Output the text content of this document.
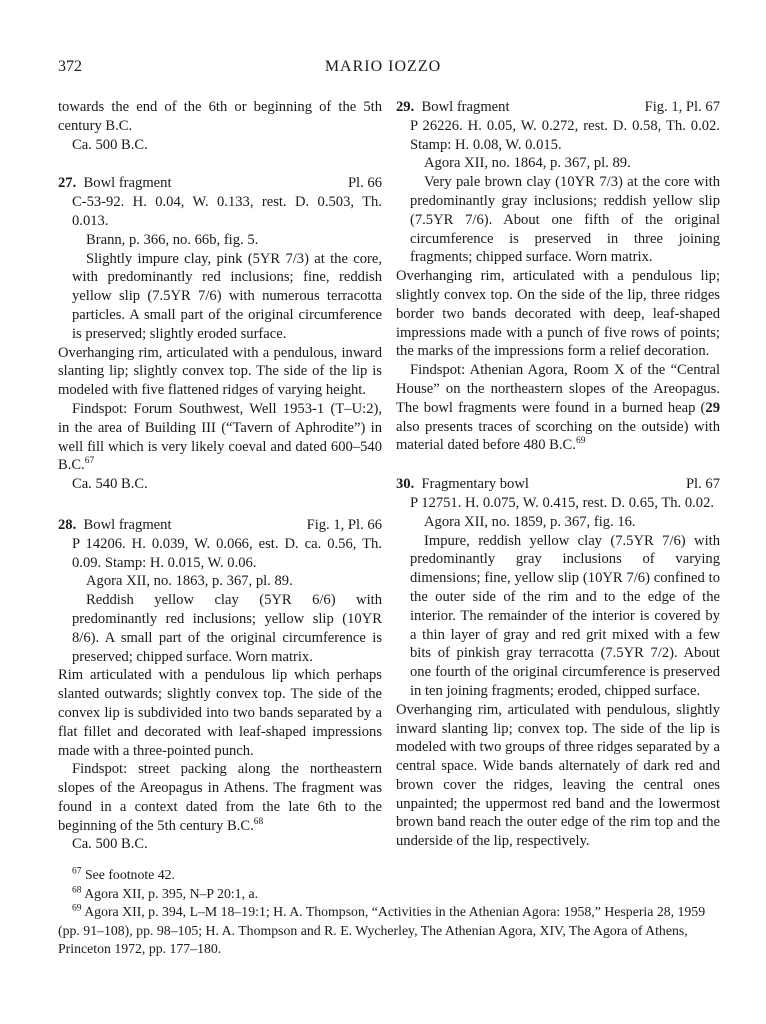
372	MARIO IOZZO

towards the end of the 6th or beginning of the 5th century B.C.

Ca. 500 B.C.

27. Bowl fragment	Pl. 66

C-53-92. H. 0.04, W. 0.133, rest. D. 0.503, Th. 0.013.

Brann, p. 366, no. 66b, fig. 5.

Slightly impure clay, pink (5YR 7/3) at the core, with predominantly red inclusions; fine, reddish yellow slip (7.5YR 7/6) with numerous terracotta particles. A small part of the original circumference is preserved; slightly eroded surface.

Overhanging rim, articulated with a pendulous, inward slanting lip; slightly convex top. The side of the lip is modeled with five flattened ridges of varying height.

Findspot: Forum Southwest, Well 1953-1 (T–U:2), in the area of Building III (“Tavern of Aphrodite”) in well fill which is very likely coeval and dated 600–540 B.C.$^{67}$

Ca. 540 B.C.

28. Bowl fragment	Fig. 1, Pl. 66

P 14206. H. 0.039, W. 0.066, est. D. ca. 0.56, Th. 0.09. Stamp: H. 0.015, W. 0.06.

Agora XII, no. 1863, p. 367, pl. 89.

Reddish yellow clay (5YR 6/6) with predominantly red inclusions; yellow slip (10YR 8/6). A small part of the original circumference is preserved; chipped surface. Worn matrix.

Rim articulated with a pendulous lip which perhaps slanted outwards; slightly convex top. The side of the convex lip is subdivided into two bands separated by a flat fillet and decorated with leaf-shaped impressions made with a three-pointed punch.

Findspot: street packing along the northeastern slopes of the Areopagus in Athens. The fragment was found in a context dated from the late 6th to the beginning of the 5th century B.C.$^{68}$

Ca. 500 B.C.

29. Bowl fragment	Fig. 1, Pl. 67

P 26226. H. 0.05, W. 0.272, rest. D. 0.58, Th. 0.02. Stamp: H. 0.08, W. 0.015.

Agora XII, no. 1864, p. 367, pl. 89.

Very pale brown clay (10YR 7/3) at the core with predominantly gray inclusions; reddish yellow slip (7.5YR 7/6). About one fifth of the original circumference is preserved in three joining fragments; chipped surface. Worn matrix.

Overhanging rim, articulated with a pendulous lip; slightly convex top. On the side of the lip, three ridges border two bands decorated with deep, leaf-shaped impressions made with a punch of five rows of points; the marks of the impressions form a relief decoration.

Findspot: Athenian Agora, Room X of the “Central House” on the northeastern slopes of the Areopagus. The bowl fragments were found in a burned heap (29 also presents traces of scorching on the outside) with material dated before 480 B.C.$^{69}$

30. Fragmentary bowl	Pl. 67

P 12751. H. 0.075, W. 0.415, rest. D. 0.65, Th. 0.02.

Agora XII, no. 1859, p. 367, fig. 16.

Impure, reddish yellow clay (7.5YR 7/6) with predominantly gray inclusions of varying dimensions; fine, yellow slip (10YR 7/6) confined to the outer side of the rim and to the edge of the interior. The remainder of the interior is covered by a thin layer of gray and red grit mixed with a few bits of pinkish gray terracotta (7.5YR 7/2). About one fourth of the original circumference is preserved in ten joining fragments; eroded, chipped surface.

Overhanging rim, articulated with pendulous, slightly inward slanting lip; convex top. The side of the lip is modeled with two groups of three ridges separated by a central space. Wide bands alternately of dark red and brown cover the ridges, leaving the central ones unpainted; the uppermost red band and the lowermost brown band reach the outer edge of the rim top and the underside of the lip, respectively.

$^{67}$ See footnote 42.

$^{68}$ Agora XII, p. 395, N–P 20:1, a.

$^{69}$ Agora XII, p. 394, L–M 18–19:1; H. A. Thompson, “Activities in the Athenian Agora: 1958,” Hesperia 28, 1959 (pp. 91–108), pp. 98–105; H. A. Thompson and R. E. Wycherley, The Athenian Agora, XIV, The Agora of Athens, Princeton 1972, pp. 177–180.
